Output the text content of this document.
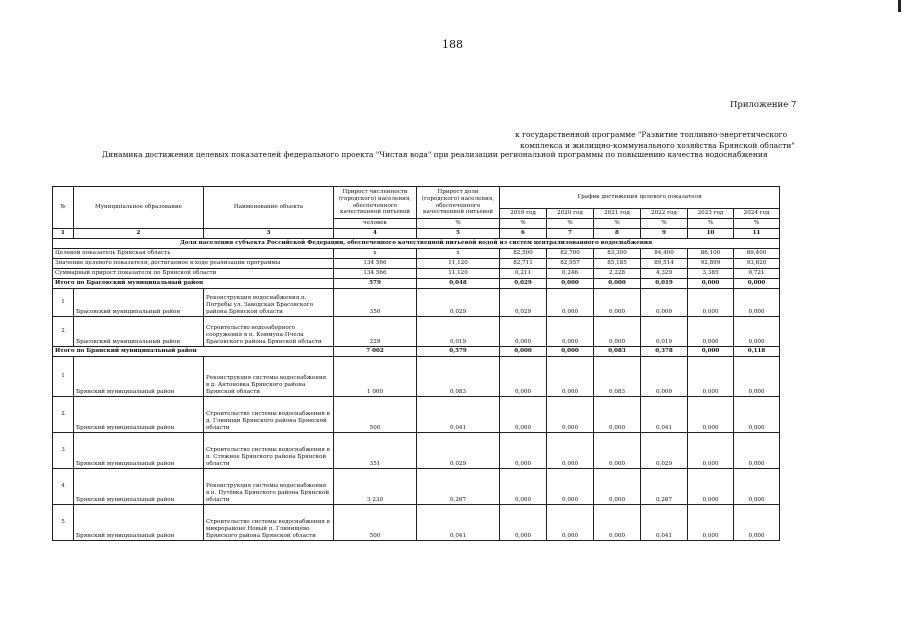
188
Приложение 7
к государственной программе "Развитие топливно-энергетического
комплекса и жилищно-коммунального хозяйства Брянской области"
Динамика достижения целевых показателей федерального проекта "Чистая вода" при реализации региональной программы по повышению качества водоснабжения
№	Муниципальное образование	Наименование объекта	Прирост численности (городского) населения, обеспеченного качественной питьевой	Прирост доли (городского) населения, обеспеченного качественной питьевой	График достижения целевого показателя					
					2019 год	2020 год	2021 год	2022 год	2023 год	2024 год
			человек	%	%	%	%	%	%	%
1	2	3	4	5	6	7	8	9	10	11
Доля населения субъекта Российской Федерации, обеспеченного качественной питьевой водой из систем централизованного водоснабжения										
Целевой показатель Брянская область			x	x	82,500	82,700	83,300	84,400	86,100	89,400
Значение целевого показателя, достигаемое в ходе реализации программы			134 566	11,120	82,711	82,957	85,185	89,514	92,899	93,620
Суммарный прирост показателя по Брянской области			134 566	11,120	0,211	0,246	2,228	4,329	3,385	0,721
Итого по Брасовский муниципальный район			579	0,048	0,029	0,000	0,000	0,019	0,000	0,000
1	Брасовский муниципальный район	Реконструкция водоснабжения п. Погребы ул. Заводская Брасовского района Брянской области	350	0,029	0,029	0,000	0,000	0,000	0,000	0,000
2	Брасовский муниципальный район	Строительство водозаборного сооружения в п. Коммуна-Пчела Брасовского района Брянской области	229	0,019	0,000	0,000	0,000	0,019	0,000	0,000
Итого по Брянский муниципальный район			7 002	0,579	0,000	0,000	0,083	0,378	0,000	0,118
1	Брянский муниципальный район	Реконструкция системы водоснабжения в д. Антоновка Брянского района Брянской области	1 000	0,083	0,000	0,000	0,083	0,000	0,000	0,000
2	Брянский муниципальный район	Строительство системы водоснабжения в д. Глинищи Брянского района Брянской области	500	0,041	0,000	0,000	0,000	0,041	0,000	0,000
3	Брянский муниципальный район	Строительство системы водоснабжения в п. Стяжное Брянского района Брянской области	351	0,029	0,000	0,000	0,000	0,029	0,000	0,000
4	Брянский муниципальный район	Реконструкция системы водоснабжения в п. Путёвка Брянского района Брянской области	3 230	0,267	0,000	0,000	0,000	0,267	0,000	0,000
5	Брянский муниципальный район	Строительство системы водоснабжения в микрорайоне Новый п. Глинищево Брянского района Брянской области	500	0,041	0,000	0,000	0,000	0,041	0,000	0,000
